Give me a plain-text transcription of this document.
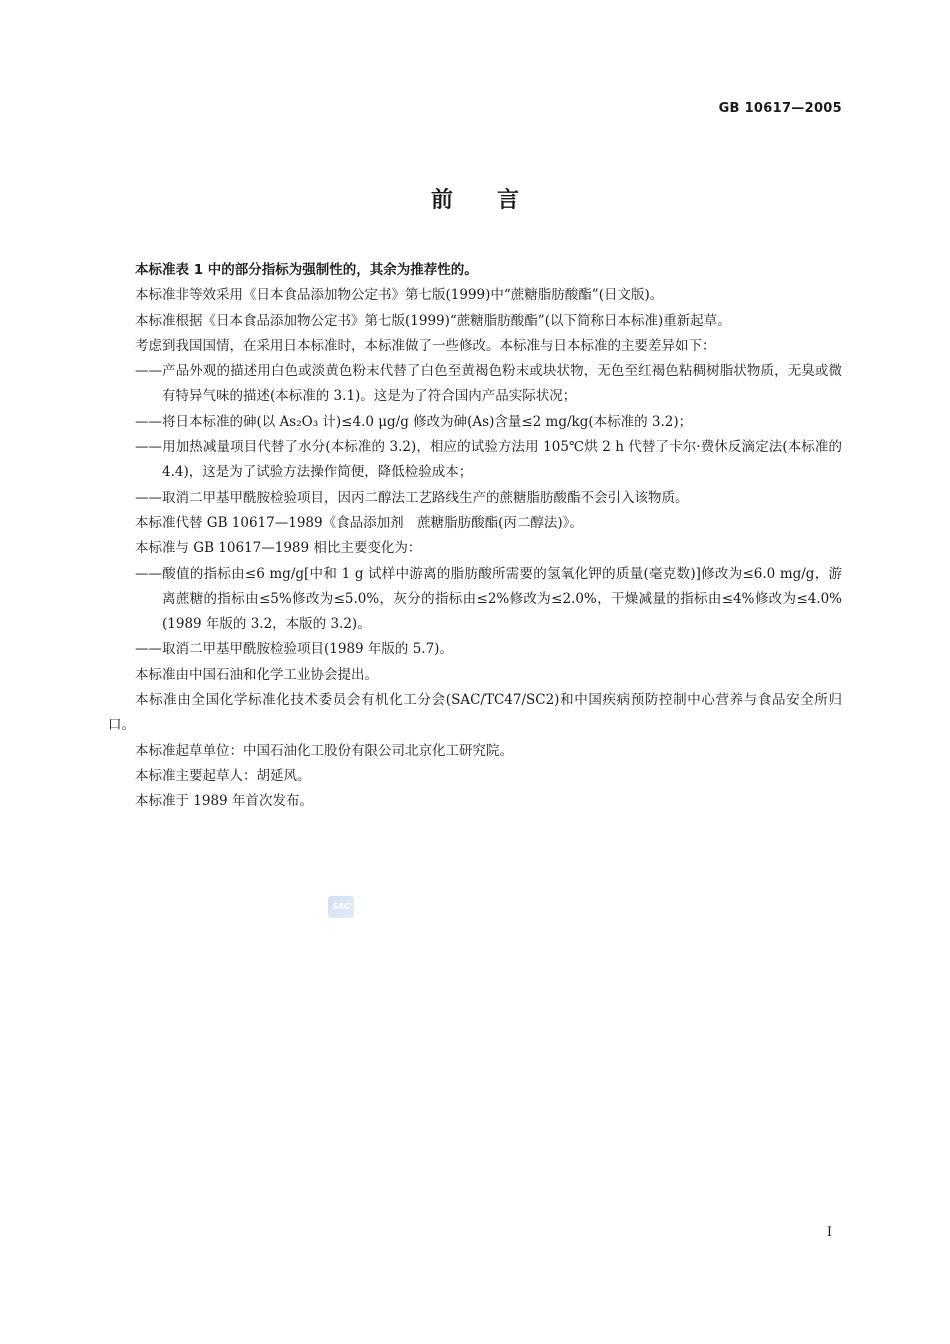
GB 10617—2005
前 言

本标准表 1 中的部分指标为强制性的，其余为推荐性的。

本标准非等效采用《日本食品添加物公定书》第七版(1999)中“蔗糖脂肪酸酯”(日文版)。

本标准根据《日本食品添加物公定书》第七版(1999)“蔗糖脂肪酸酯”(以下简称日本标准)重新起草。

考虑到我国国情，在采用日本标准时，本标准做了一些修改。本标准与日本标准的主要差异如下：

——产品外观的描述用白色或淡黄色粉末代替了白色至黄褐色粉末或块状物，无色至红褐色粘稠树脂状物质，无臭或微有特异气味的描述(本标准的 3.1)。这是为了符合国内产品实际状况；

——将日本标准的砷(以 As₂O₃ 计)≤4.0 μg/g 修改为砷(As)含量≤2 mg/kg(本标准的 3.2)；

——用加热减量项目代替了水分(本标准的 3.2)，相应的试验方法用 105℃烘 2 h 代替了卡尔·费休反滴定法(本标准的 4.4)，这是为了试验方法操作简便，降低检验成本；

——取消二甲基甲酰胺检验项目，因丙二醇法工艺路线生产的蔗糖脂肪酸酯不会引入该物质。

本标准代替 GB 10617—1989《食品添加剂　蔗糖脂肪酸酯(丙二醇法)》。

本标准与 GB 10617—1989 相比主要变化为：

——酸值的指标由≤6 mg/g[中和 1 g 试样中游离的脂肪酸所需要的氢氧化钾的质量(毫克数)]修改为≤6.0 mg/g，游离蔗糖的指标由≤5%修改为≤5.0%，灰分的指标由≤2%修改为≤2.0%，干燥减量的指标由≤4%修改为≤4.0%(1989 年版的 3.2，本版的 3.2)。

——取消二甲基甲酰胺检验项目(1989 年版的 5.7)。

本标准由中国石油和化学工业协会提出。

本标准由全国化学标准化技术委员会有机化工分会(SAC/TC47/SC2)和中国疾病预防控制中心营养与食品安全所归口。

本标准起草单位：中国石油化工股份有限公司北京化工研究院。

本标准主要起草人：胡延风。

本标准于 1989 年首次发布。

SAC
I
